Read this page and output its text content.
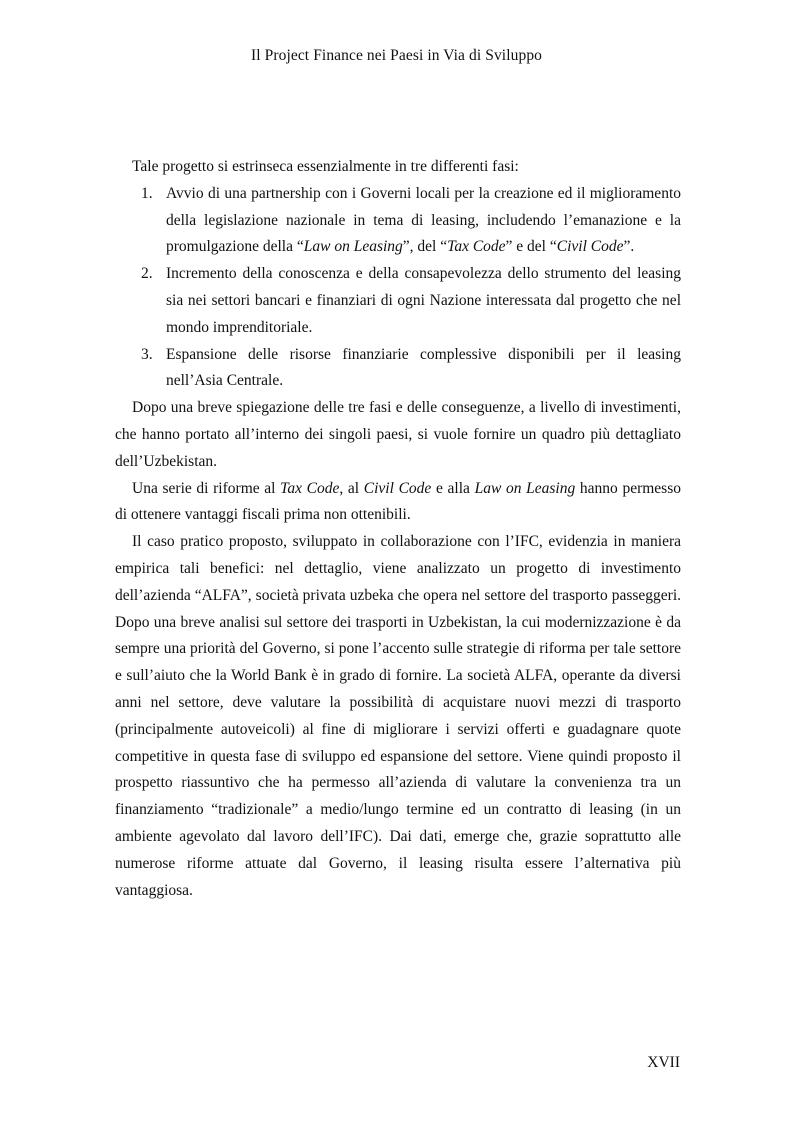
Il Project Finance nei Paesi in Via di Sviluppo

Tale progetto si estrinseca essenzialmente in tre differenti fasi:

1. Avvio di una partnership con i Governi locali per la creazione ed il miglioramento della legislazione nazionale in tema di leasing, includendo l’emanazione e la promulgazione della “Law on Leasing”, del “Tax Code” e del “Civil Code”.
2. Incremento della conoscenza e della consapevolezza dello strumento del leasing sia nei settori bancari e finanziari di ogni Nazione interessata dal progetto che nel mondo imprenditoriale.
3. Espansione delle risorse finanziarie complessive disponibili per il leasing nell’Asia Centrale.

Dopo una breve spiegazione delle tre fasi e delle conseguenze, a livello di investimenti, che hanno portato all’interno dei singoli paesi, si vuole fornire un quadro più dettagliato dell’Uzbekistan.

Una serie di riforme al Tax Code, al Civil Code e alla Law on Leasing hanno permesso di ottenere vantaggi fiscali prima non ottenibili.

Il caso pratico proposto, sviluppato in collaborazione con l’IFC, evidenzia in maniera empirica tali benefici: nel dettaglio, viene analizzato un progetto di investimento dell’azienda “ALFA”, società privata uzbeka che opera nel settore del trasporto passeggeri. Dopo una breve analisi sul settore dei trasporti in Uzbekistan, la cui modernizzazione è da sempre una priorità del Governo, si pone l’accento sulle strategie di riforma per tale settore e sull’aiuto che la World Bank è in grado di fornire. La società ALFA, operante da diversi anni nel settore, deve valutare la possibilità di acquistare nuovi mezzi di trasporto (principalmente autoveicoli) al fine di migliorare i servizi offerti e guadagnare quote competitive in questa fase di sviluppo ed espansione del settore. Viene quindi proposto il prospetto riassuntivo che ha permesso all’azienda di valutare la convenienza tra un finanziamento “tradizionale” a medio/lungo termine ed un contratto di leasing (in un ambiente agevolato dal lavoro dell’IFC). Dai dati, emerge che, grazie soprattutto alle numerose riforme attuate dal Governo, il leasing risulta essere l’alternativa più vantaggiosa.

XVII
